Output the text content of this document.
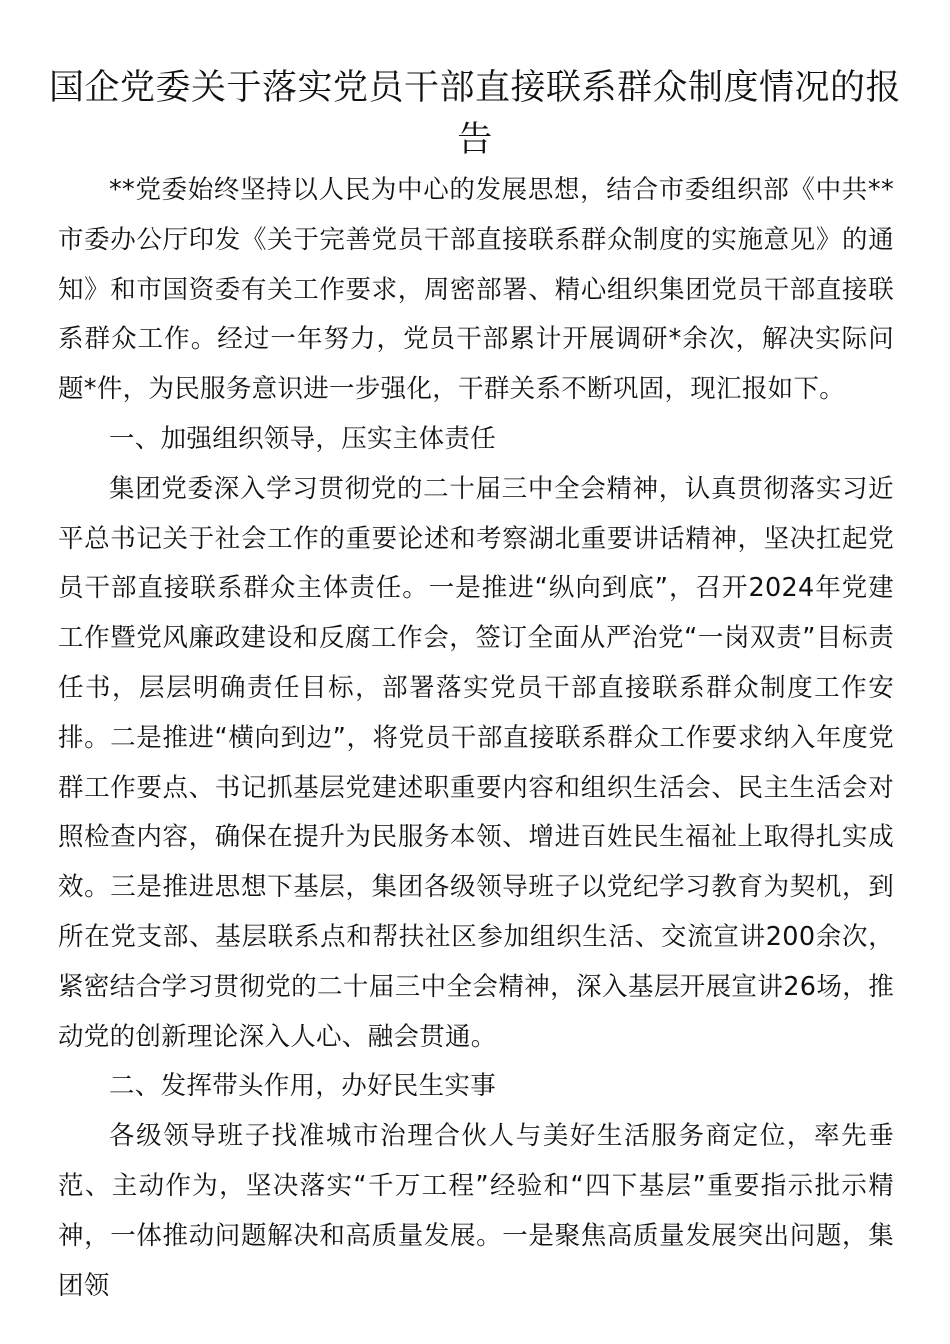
国企党委关于落实党员干部直接联系群众制度情况的报告

**党委始终坚持以人民为中心的发展思想，结合市委组织部《中共**市委办公厅印发《关于完善党员干部直接联系群众制度的实施意见》的通知》和市国资委有关工作要求，周密部署、精心组织集团党员干部直接联系群众工作。经过一年努力，党员干部累计开展调研*余次，解决实际问题*件，为民服务意识进一步强化，干群关系不断巩固，现汇报如下。

一、加强组织领导，压实主体责任

集团党委深入学习贯彻党的二十届三中全会精神，认真贯彻落实习近平总书记关于社会工作的重要论述和考察湖北重要讲话精神，坚决扛起党员干部直接联系群众主体责任。一是推进“纵向到底”，召开2024年党建工作暨党风廉政建设和反腐工作会，签订全面从严治党“一岗双责”目标责任书，层层明确责任目标，部署落实党员干部直接联系群众制度工作安排。二是推进“横向到边”，将党员干部直接联系群众工作要求纳入年度党群工作要点、书记抓基层党建述职重要内容和组织生活会、民主生活会对照检查内容，确保在提升为民服务本领、增进百姓民生福祉上取得扎实成效。三是推进思想下基层，集团各级领导班子以党纪学习教育为契机，到所在党支部、基层联系点和帮扶社区参加组织生活、交流宣讲200余次，紧密结合学习贯彻党的二十届三中全会精神，深入基层开展宣讲26场，推动党的创新理论深入人心、融会贯通。

二、发挥带头作用，办好民生实事

各级领导班子找准城市治理合伙人与美好生活服务商定位，率先垂范、主动作为，坚决落实“千万工程”经验和“四下基层”重要指示批示精神，一体推动问题解决和高质量发展。一是聚焦高质量发展突出问题，集团领
